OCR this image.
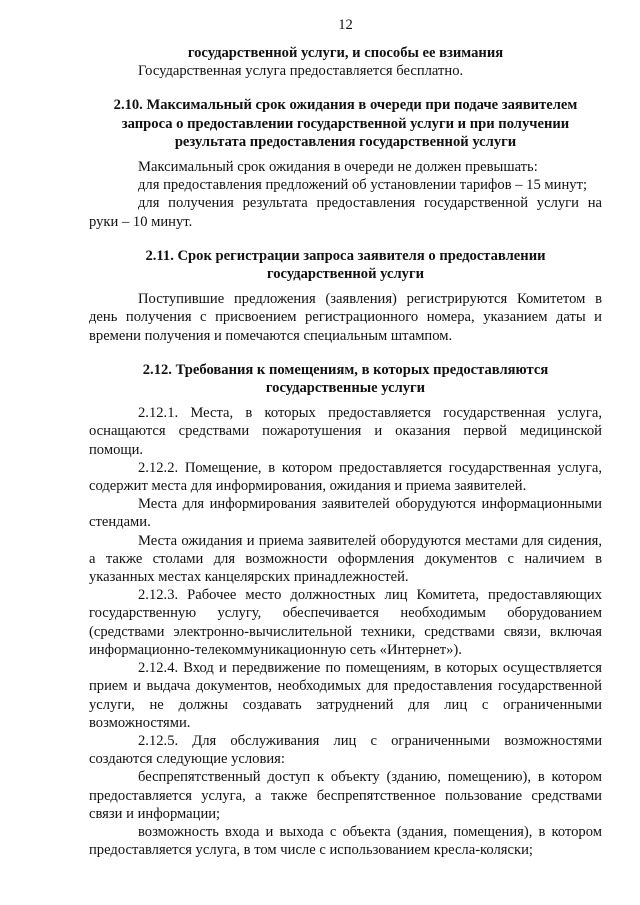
12

государственной услуги, и способы ее взимания

Государственная услуга предоставляется бесплатно.

2.10. Максимальный срок ожидания в очереди при подаче заявителем запроса о предоставлении государственной услуги и при получении результата предоставления государственной услуги

Максимальный срок ожидания в очереди не должен превышать:

для предоставления предложений об установлении тарифов – 15 минут;

для получения результата предоставления государственной услуги на руки – 10 минут.

2.11. Срок регистрации запроса заявителя о предоставлении государственной услуги

Поступившие предложения (заявления) регистрируются Комитетом в день получения с присвоением регистрационного номера, указанием даты и времени получения и помечаются специальным штампом.

2.12. Требования к помещениям, в которых предоставляются государственные услуги

2.12.1. Места, в которых предоставляется государственная услуга, оснащаются средствами пожаротушения и оказания первой медицинской помощи.

2.12.2. Помещение, в котором предоставляется государственная услуга, содержит места для информирования, ожидания и приема заявителей.

Места для информирования заявителей оборудуются информационными стендами.

Места ожидания и приема заявителей оборудуются местами для сидения, а также столами для возможности оформления документов с наличием в указанных местах канцелярских принадлежностей.

2.12.3. Рабочее место должностных лиц Комитета, предоставляющих государственную услугу, обеспечивается необходимым оборудованием (средствами электронно-вычислительной техники, средствами связи, включая информационно-телекоммуникационную сеть «Интернет»).

2.12.4. Вход и передвижение по помещениям, в которых осуществляется прием и выдача документов, необходимых для предоставления государственной услуги, не должны создавать затруднений для лиц с ограниченными возможностями.

2.12.5. Для обслуживания лиц с ограниченными возможностями создаются следующие условия:

беспрепятственный доступ к объекту (зданию, помещению), в котором предоставляется услуга, а также беспрепятственное пользование средствами связи и информации;

возможность входа и выхода с объекта (здания, помещения), в котором предоставляется услуга, в том числе с использованием кресла-коляски;
